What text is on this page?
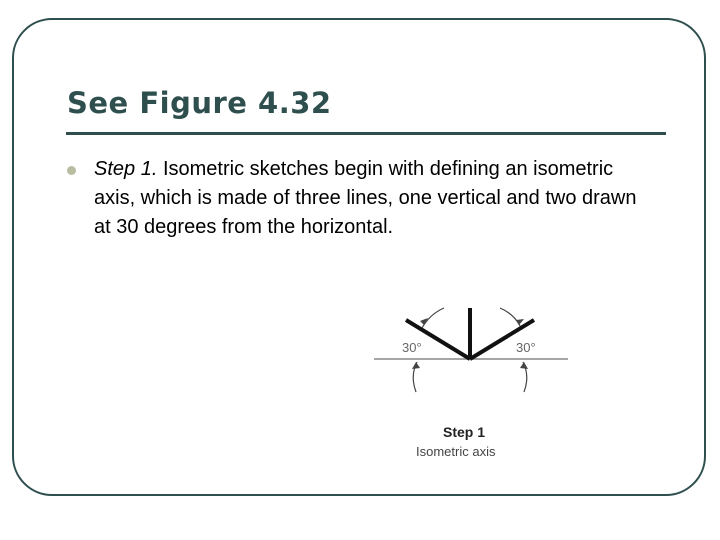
See Figure 4.32

Step 1. Isometric sketches begin with defining an isometric axis, which is made of three lines, one vertical and two drawn at 30 degrees from the horizontal.

30°	30°

Step 1

Isometric axis
